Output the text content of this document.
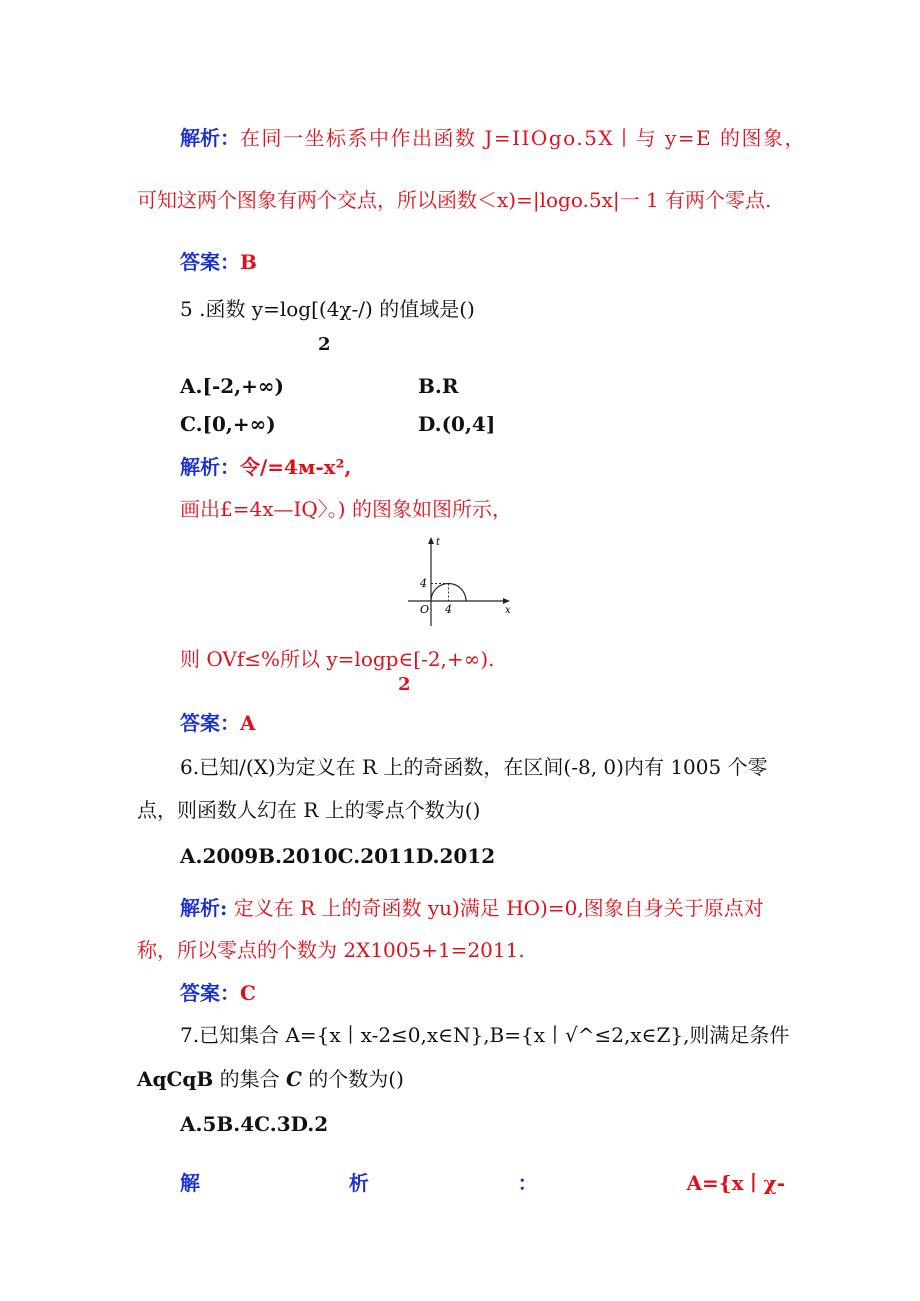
解析：在同一坐标系中作出函数 J=IIOgo.5X丨与 y=E 的图象，
可知这两个图象有两个交点，所以函数＜x)=|logo.5x|一 1 有两个零点.
答案：B
5 .函数 y=log[(4χ-/) 的值域是()
2
A.[-2,+∞)	B.R
C.[0,+∞)	D.(0,4]
解析：令∕=4м-x²,
画出£=4x—IQ〉。) 的图象如图所示，
t
4
O 4	x
则 OVf≤%所以 y=logp∈[-2,+∞).
2
答案：A
6.已知/(X)为定义在 R 上的奇函数，在区间(-8, 0)内有 1005 个零
点，则函数人幻在 R 上的零点个数为()
A.2009B.2010C.2011D.2012
解析: 定义在 R 上的奇函数 yu)满足 HO)=0,图象自身关于原点对
称，所以零点的个数为 2X1005+1=2011.
答案：C
7.已知集合 A={x丨x-2≤0,x∈N},B={x丨√^≤2,x∈Z},则满足条件
AqCqB 的集合 C 的个数为()
A.5B.4C.3D.2
解	析	：	A={x丨χ-
